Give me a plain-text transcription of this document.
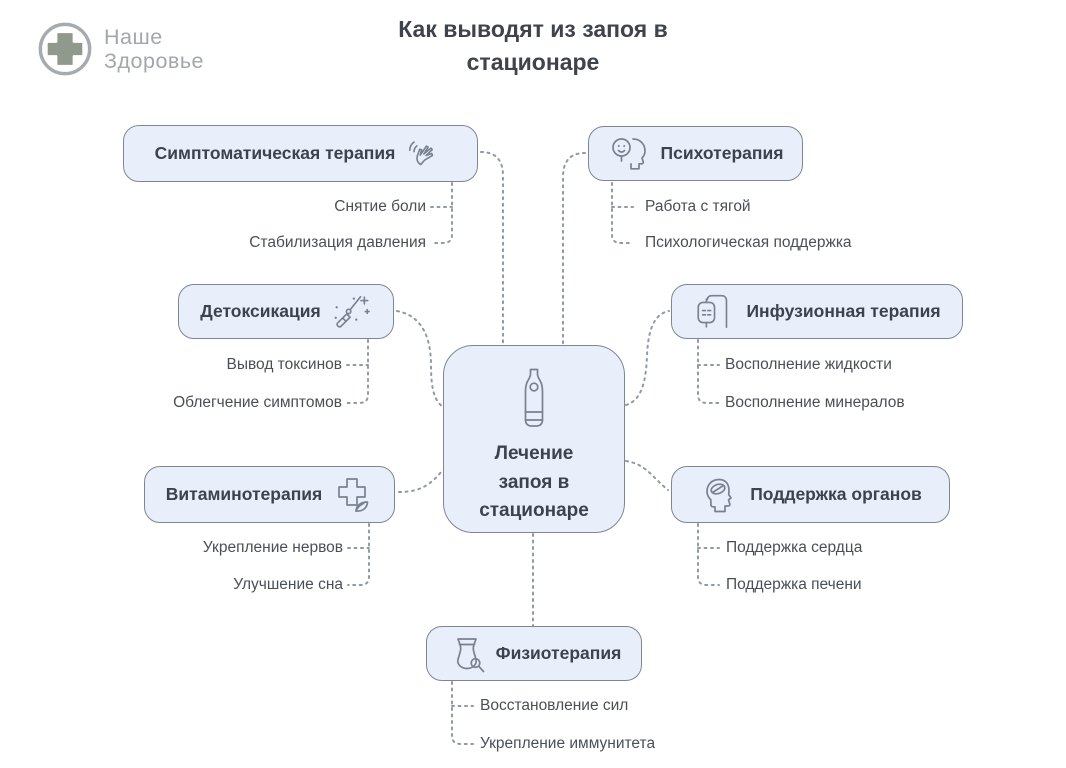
Наше
Здоровье
Как выводят из запоя в стационаре
Лечение запоя в стационаре
Симптоматическая терапия	Психотерапия
Детоксикация	Инфузионная терапия
Витаминотерапия	Поддержка органов
Физиотерапия
Снятие боли
Стабилизация давления
Работа с тягой
Психологическая поддержка
Вывод токсинов
Облегчение симптомов
Восполнение жидкости
Восполнение минералов
Укрепление нервов
Улучшение сна
Поддержка сердца
Поддержка печени
Восстановление сил
Укрепление иммунитета
